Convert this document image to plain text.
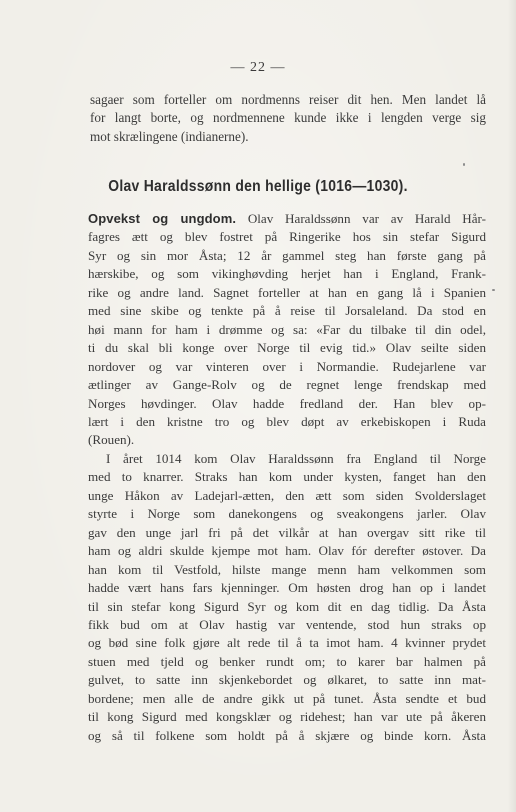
— 22 —
sagaer som forteller om nordmenns reiser dit hen. Men landet lå
for langt borte, og nordmennene kunde ikke i lengden verge sig
mot skrælingene (indianerne).
Olav Haraldssønn den hellige (1016—1030).
Opvekst og ungdom. Olav Haraldssønn var av Harald Hår-
fagres ætt og blev fostret på Ringerike hos sin stefar Sigurd
Syr og sin mor Åsta; 12 år gammel steg han første gang på
hærskibe, og som vikinghøvding herjet han i England, Frank-
rike og andre land. Sagnet forteller at han en gang lå i Spanien
med sine skibe og tenkte på å reise til Jorsaleland. Da stod en
høi mann for ham i drømme og sa: «Far du tilbake til din odel,
ti du skal bli konge over Norge til evig tid.» Olav seilte siden
nordover og var vinteren over i Normandie. Rudejarlene var
ætlinger av Gange-Rolv og de regnet lenge frendskap med
Norges høvdinger. Olav hadde fredland der. Han blev op-
lært i den kristne tro og blev døpt av erkebiskopen i Ruda
(Rouen).
I året 1014 kom Olav Haraldssønn fra England til Norge
med to knarrer. Straks han kom under kysten, fanget han den
unge Håkon av Ladejarl-ætten, den ætt som siden Svolderslaget
styrte i Norge som danekongens og sveakongens jarler. Olav
gav den unge jarl fri på det vilkår at han overgav sitt rike til
ham og aldri skulde kjempe mot ham. Olav fór derefter østover. Da
han kom til Vestfold, hilste mange menn ham velkommen som
hadde vært hans fars kjenninger. Om høsten drog han op i landet
til sin stefar kong Sigurd Syr og kom dit en dag tidlig. Da Åsta
fikk bud om at Olav hastig var ventende, stod hun straks op
og bød sine folk gjøre alt rede til å ta imot ham. 4 kvinner prydet
stuen med tjeld og benker rundt om; to karer bar halmen på
gulvet, to satte inn skjenkebordet og ølkaret, to satte inn mat-
bordene; men alle de andre gikk ut på tunet. Åsta sendte et bud
til kong Sigurd med kongsklær og ridehest; han var ute på åkeren
og så til folkene som holdt på å skjære og binde korn. Åsta
